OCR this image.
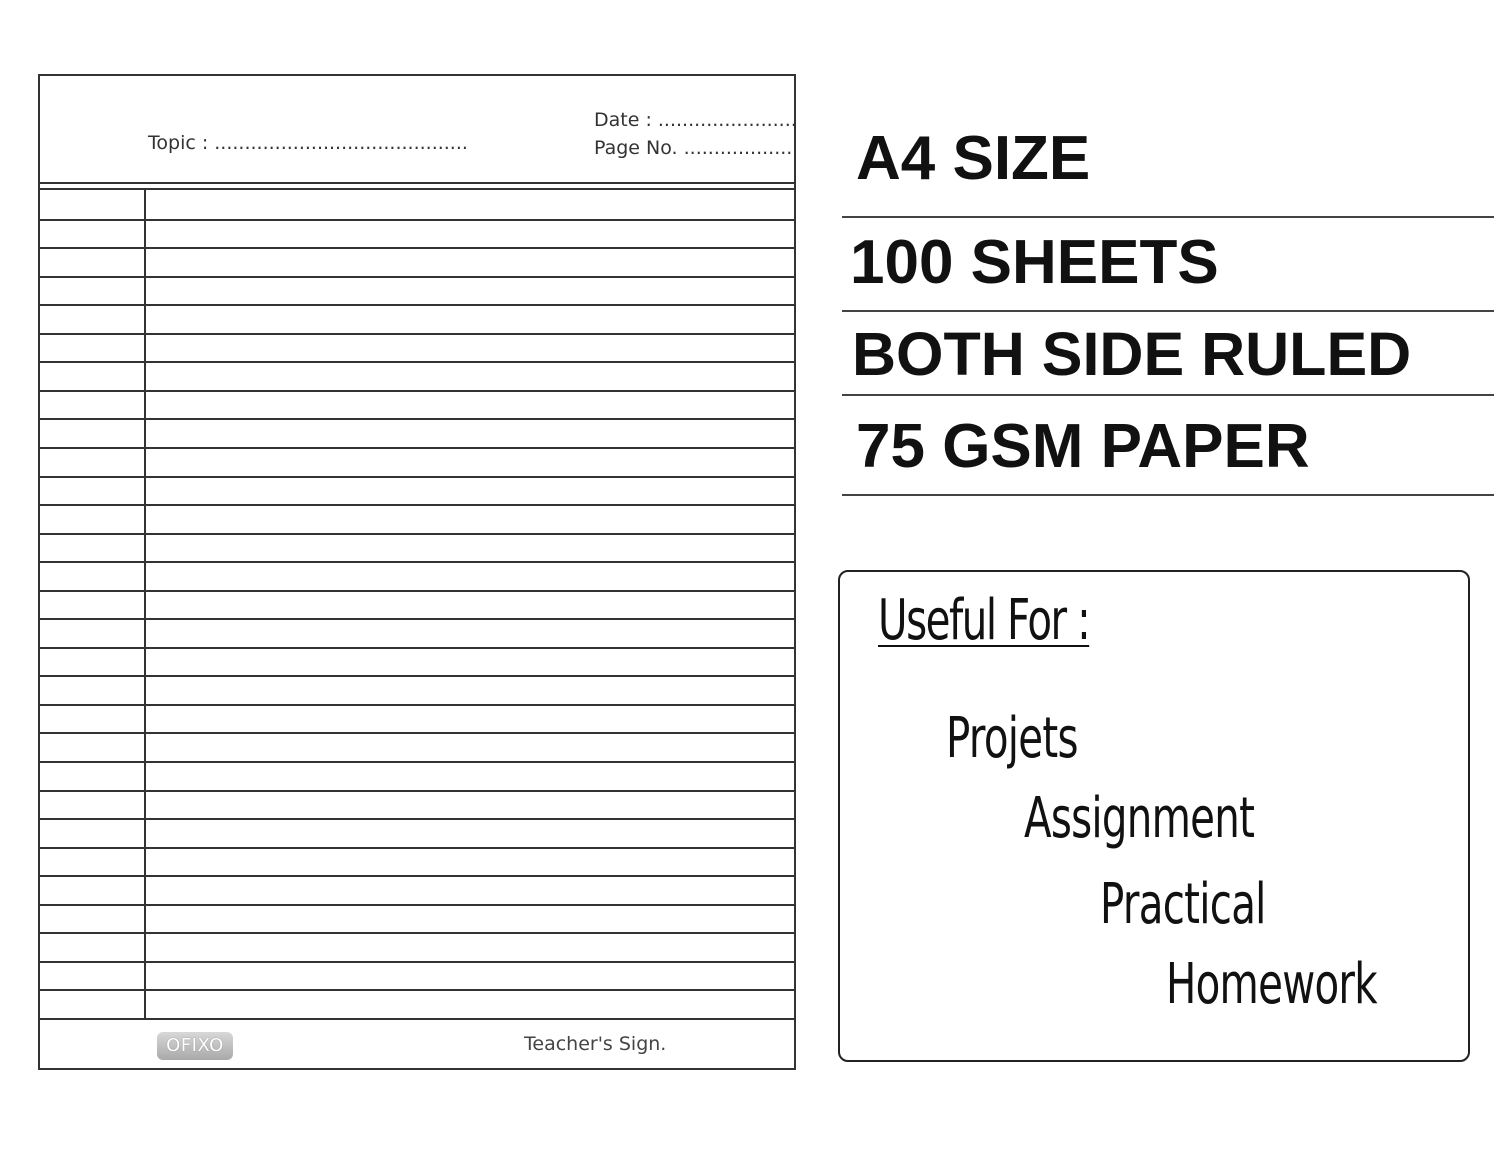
Topic : ..........................................
Date : .......................
Page No. ..................
OFIXO	Teacher's Sign.
A4 SIZE
100 SHEETS
BOTH SIDE RULED
75 GSM PAPER
Useful For :
Projets
Assignment
Practical
Homework
